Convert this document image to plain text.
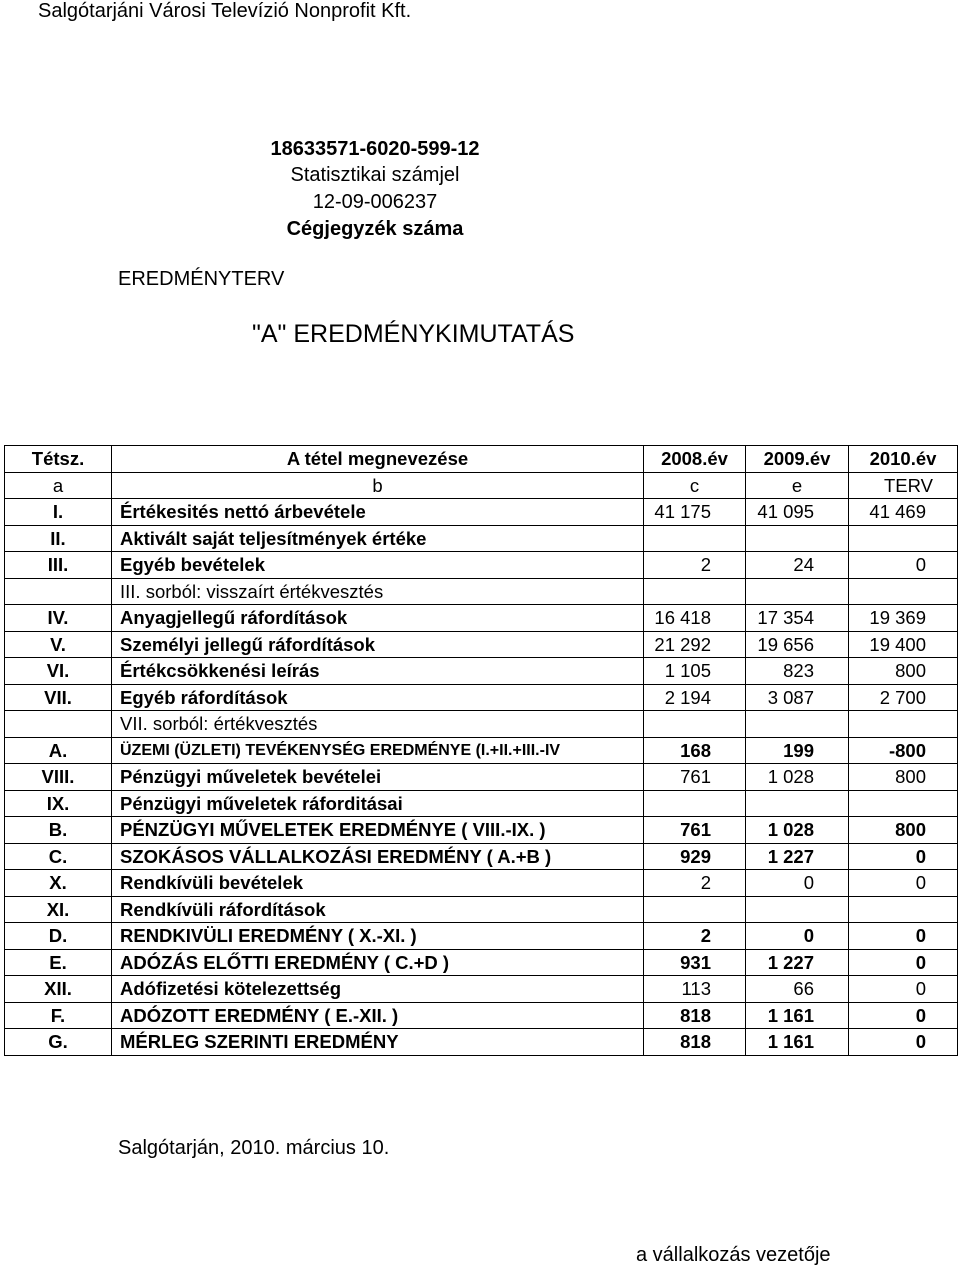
Salgótarjáni Városi Televízió Nonprofit Kft.
18633571-6020-599-12
Statisztikai számjel
12-09-006237
Cégjegyzék száma
EREDMÉNYTERV
"A" EREDMÉNYKIMUTATÁS
Tétsz.	A tétel megnevezése	2008.év	2009.év	2010.év
a	b	c	e	TERV
I.	Értékesités nettó árbevétele	41 175	41 095	41 469
II.	Aktivált saját teljesítmények értéke			
III.	Egyéb bevételek	2	24	0
	III. sorból: visszaírt értékvesztés			
IV.	Anyagjellegű ráfordítások	16 418	17 354	19 369
V.	Személyi jellegű ráfordítások	21 292	19 656	19 400
VI.	Értékcsökkenési leírás	1 105	823	800
VII.	Egyéb ráfordítások	2 194	3 087	2 700
	VII. sorból: értékvesztés			
A.	ÜZEMI (ÜZLETI) TEVÉKENYSÉG EREDMÉNYE (I.+II.+III.-IV	168	199	-800
VIII.	Pénzügyi műveletek bevételei	761	1 028	800
IX.	Pénzügyi műveletek ráforditásai			
B.	PÉNZÜGYI MŰVELETEK EREDMÉNYE ( VIII.-IX. )	761	1 028	800
C.	SZOKÁSOS VÁLLALKOZÁSI EREDMÉNY ( A.+B )	929	1 227	0
X.	Rendkívüli bevételek	2	0	0
XI.	Rendkívüli ráfordítások			
D.	RENDKIVÜLI EREDMÉNY ( X.-XI. )	2	0	0
E.	ADÓZÁS ELŐTTI EREDMÉNY ( C.+D )	931	1 227	0
XII.	Adófizetési kötelezettség	113	66	0
F.	ADÓZOTT EREDMÉNY ( E.-XII. )	818	1 161	0
G.	MÉRLEG SZERINTI EREDMÉNY	818	1 161	0
Salgótarján, 2010. március 10.
a vállalkozás vezetője
